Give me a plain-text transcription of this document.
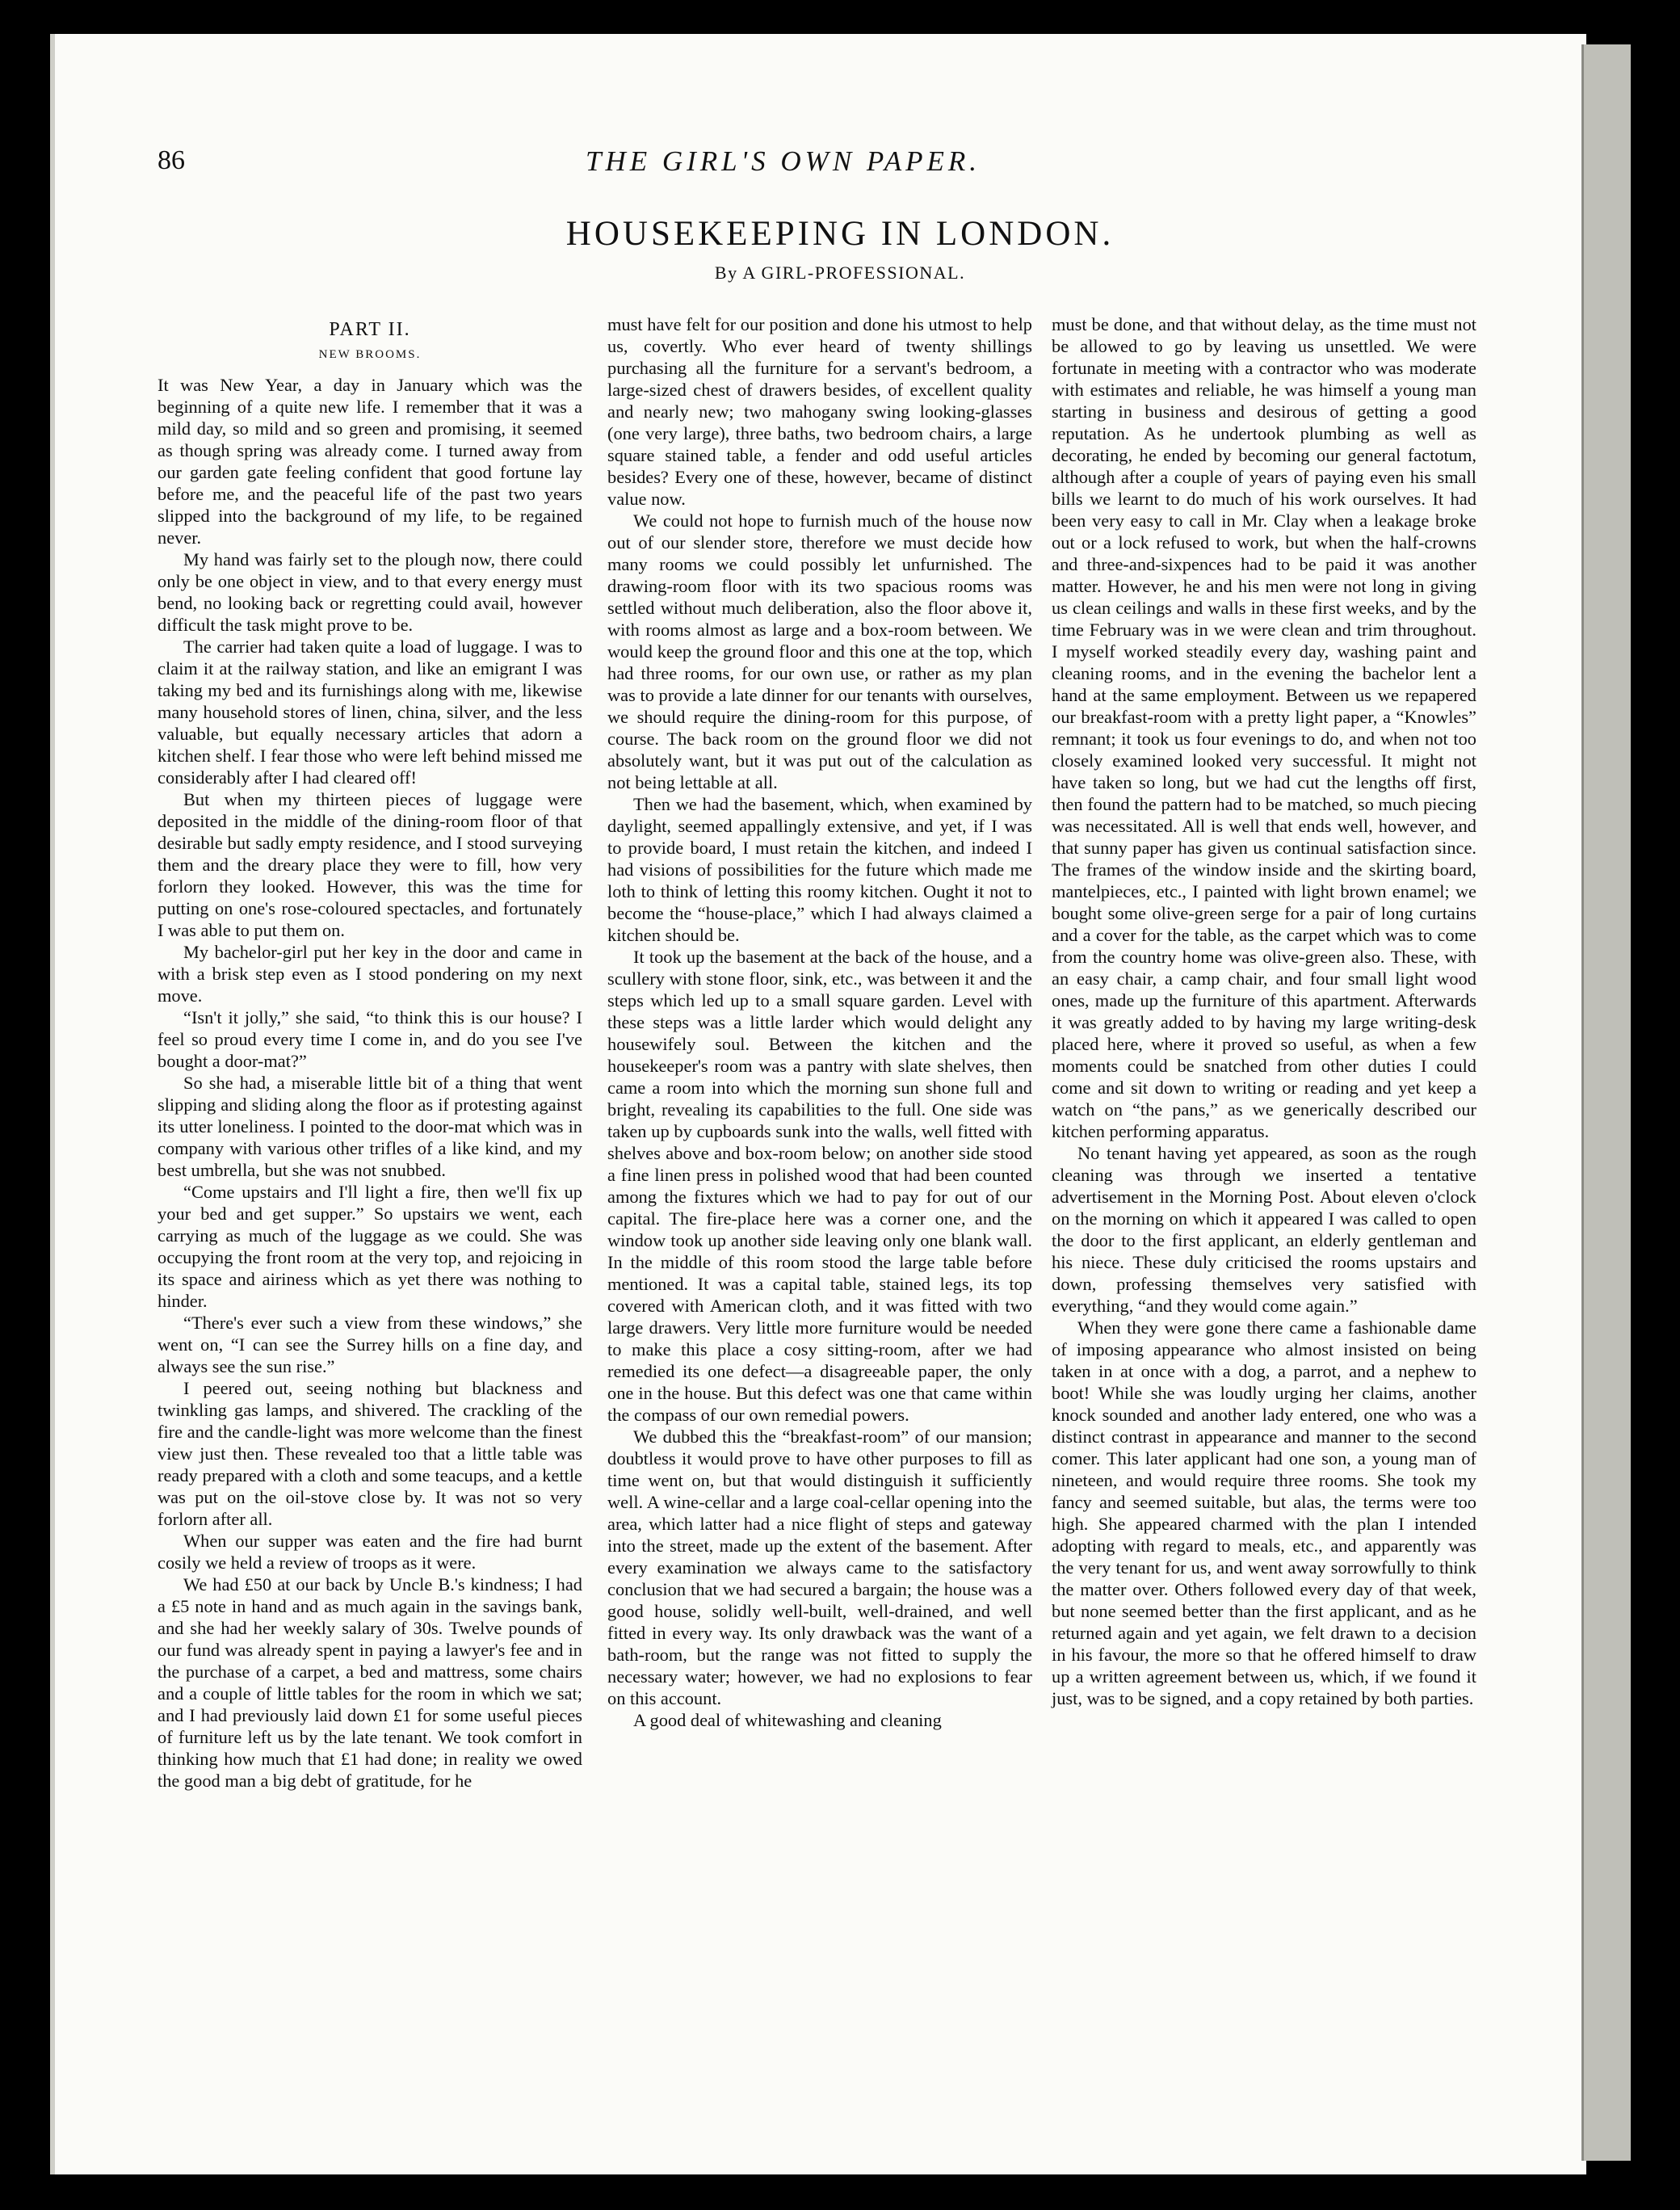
86	THE GIRL'S OWN PAPER.
HOUSEKEEPING IN LONDON.
By A GIRL-PROFESSIONAL.
PART II.
NEW BROOMS.

It was New Year, a day in January which was the beginning of a quite new life. I remember that it was a mild day, so mild and so green and promising, it seemed as though spring was already come. I turned away from our garden gate feeling confident that good fortune lay before me, and the peaceful life of the past two years slipped into the background of my life, to be regained never.

My hand was fairly set to the plough now, there could only be one object in view, and to that every energy must bend, no looking back or regretting could avail, however difficult the task might prove to be.

The carrier had taken quite a load of luggage. I was to claim it at the railway station, and like an emigrant I was taking my bed and its furnishings along with me, likewise many household stores of linen, china, silver, and the less valuable, but equally necessary articles that adorn a kitchen shelf. I fear those who were left behind missed me considerably after I had cleared off!

But when my thirteen pieces of luggage were deposited in the middle of the dining-room floor of that desirable but sadly empty residence, and I stood surveying them and the dreary place they were to fill, how very forlorn they looked. However, this was the time for putting on one's rose-coloured spectacles, and fortunately I was able to put them on.

My bachelor-girl put her key in the door and came in with a brisk step even as I stood pondering on my next move.

“Isn't it jolly,” she said, “to think this is our house? I feel so proud every time I come in, and do you see I've bought a door-mat?”

So she had, a miserable little bit of a thing that went slipping and sliding along the floor as if protesting against its utter loneliness. I pointed to the door-mat which was in company with various other trifles of a like kind, and my best umbrella, but she was not snubbed.

“Come upstairs and I'll light a fire, then we'll fix up your bed and get supper.” So upstairs we went, each carrying as much of the luggage as we could. She was occupying the front room at the very top, and rejoicing in its space and airiness which as yet there was nothing to hinder.

“There's ever such a view from these windows,” she went on, “I can see the Surrey hills on a fine day, and always see the sun rise.”

I peered out, seeing nothing but blackness and twinkling gas lamps, and shivered. The crackling of the fire and the candle-light was more welcome than the finest view just then. These revealed too that a little table was ready prepared with a cloth and some teacups, and a kettle was put on the oil-stove close by. It was not so very forlorn after all.

When our supper was eaten and the fire had burnt cosily we held a review of troops as it were.

We had £50 at our back by Uncle B.'s kindness; I had a £5 note in hand and as much again in the savings bank, and she had her weekly salary of 30s. Twelve pounds of our fund was already spent in paying a lawyer's fee and in the purchase of a carpet, a bed and mattress, some chairs and a couple of little tables for the room in which we sat; and I had previously laid down £1 for some useful pieces of furniture left us by the late tenant. We took comfort in thinking how much that £1 had done; in reality we owed the good man a big debt of gratitude, for he

must have felt for our position and done his utmost to help us, covertly. Who ever heard of twenty shillings purchasing all the furniture for a servant's bedroom, a large-sized chest of drawers besides, of excellent quality and nearly new; two mahogany swing looking-glasses (one very large), three baths, two bedroom chairs, a large square stained table, a fender and odd useful articles besides? Every one of these, however, became of distinct value now.

We could not hope to furnish much of the house now out of our slender store, therefore we must decide how many rooms we could possibly let unfurnished. The drawing-room floor with its two spacious rooms was settled without much deliberation, also the floor above it, with rooms almost as large and a box-room between. We would keep the ground floor and this one at the top, which had three rooms, for our own use, or rather as my plan was to provide a late dinner for our tenants with ourselves, we should require the dining-room for this purpose, of course. The back room on the ground floor we did not absolutely want, but it was put out of the calculation as not being lettable at all.

Then we had the basement, which, when examined by daylight, seemed appallingly extensive, and yet, if I was to provide board, I must retain the kitchen, and indeed I had visions of possibilities for the future which made me loth to think of letting this roomy kitchen. Ought it not to become the “house-place,” which I had always claimed a kitchen should be.

It took up the basement at the back of the house, and a scullery with stone floor, sink, etc., was between it and the steps which led up to a small square garden. Level with these steps was a little larder which would delight any housewifely soul. Between the kitchen and the housekeeper's room was a pantry with slate shelves, then came a room into which the morning sun shone full and bright, revealing its capabilities to the full. One side was taken up by cupboards sunk into the walls, well fitted with shelves above and box-room below; on another side stood a fine linen press in polished wood that had been counted among the fixtures which we had to pay for out of our capital. The fire-place here was a corner one, and the window took up another side leaving only one blank wall. In the middle of this room stood the large table before mentioned. It was a capital table, stained legs, its top covered with American cloth, and it was fitted with two large drawers. Very little more furniture would be needed to make this place a cosy sitting-room, after we had remedied its one defect—a disagreeable paper, the only one in the house. But this defect was one that came within the compass of our own remedial powers.

We dubbed this the “breakfast-room” of our mansion; doubtless it would prove to have other purposes to fill as time went on, but that would distinguish it sufficiently well. A wine-cellar and a large coal-cellar opening into the area, which latter had a nice flight of steps and gateway into the street, made up the extent of the basement. After every examination we always came to the satisfactory conclusion that we had secured a bargain; the house was a good house, solidly well-built, well-drained, and well fitted in every way. Its only drawback was the want of a bath-room, but the range was not fitted to supply the necessary water; however, we had no explosions to fear on this account.

A good deal of whitewashing and cleaning

must be done, and that without delay, as the time must not be allowed to go by leaving us unsettled. We were fortunate in meeting with a contractor who was moderate with estimates and reliable, he was himself a young man starting in business and desirous of getting a good reputation. As he undertook plumbing as well as decorating, he ended by becoming our general factotum, although after a couple of years of paying even his small bills we learnt to do much of his work ourselves. It had been very easy to call in Mr. Clay when a leakage broke out or a lock refused to work, but when the half-crowns and three-and-sixpences had to be paid it was another matter. However, he and his men were not long in giving us clean ceilings and walls in these first weeks, and by the time February was in we were clean and trim throughout. I myself worked steadily every day, washing paint and cleaning rooms, and in the evening the bachelor lent a hand at the same employment. Between us we repapered our breakfast-room with a pretty light paper, a “Knowles” remnant; it took us four evenings to do, and when not too closely examined looked very successful. It might not have taken so long, but we had cut the lengths off first, then found the pattern had to be matched, so much piecing was necessitated. All is well that ends well, however, and that sunny paper has given us continual satisfaction since. The frames of the window inside and the skirting board, mantelpieces, etc., I painted with light brown enamel; we bought some olive-green serge for a pair of long curtains and a cover for the table, as the carpet which was to come from the country home was olive-green also. These, with an easy chair, a camp chair, and four small light wood ones, made up the furniture of this apartment. Afterwards it was greatly added to by having my large writing-desk placed here, where it proved so useful, as when a few moments could be snatched from other duties I could come and sit down to writing or reading and yet keep a watch on “the pans,” as we generically described our kitchen performing apparatus.

No tenant having yet appeared, as soon as the rough cleaning was through we inserted a tentative advertisement in the Morning Post. About eleven o'clock on the morning on which it appeared I was called to open the door to the first applicant, an elderly gentleman and his niece. These duly criticised the rooms upstairs and down, professing themselves very satisfied with everything, “and they would come again.”

When they were gone there came a fashionable dame of imposing appearance who almost insisted on being taken in at once with a dog, a parrot, and a nephew to boot! While she was loudly urging her claims, another knock sounded and another lady entered, one who was a distinct contrast in appearance and manner to the second comer. This later applicant had one son, a young man of nineteen, and would require three rooms. She took my fancy and seemed suitable, but alas, the terms were too high. She appeared charmed with the plan I intended adopting with regard to meals, etc., and apparently was the very tenant for us, and went away sorrowfully to think the matter over. Others followed every day of that week, but none seemed better than the first applicant, and as he returned again and yet again, we felt drawn to a decision in his favour, the more so that he offered himself to draw up a written agreement between us, which, if we found it just, was to be signed, and a copy retained by both parties.
